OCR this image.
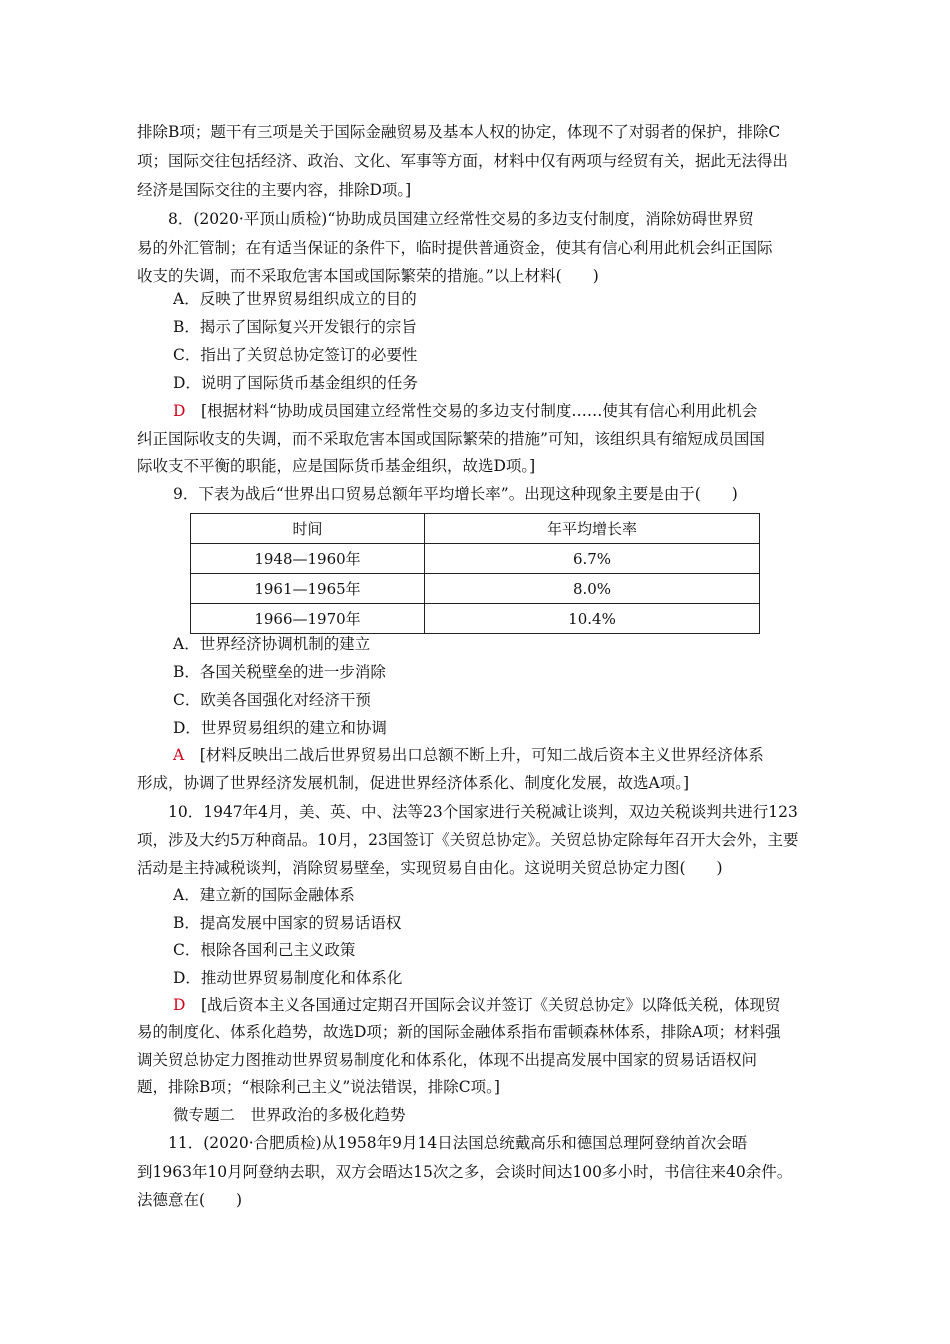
排除B项；题干有三项是关于国际金融贸易及基本人权的协定，体现不了对弱者的保护，排除C
项；国际交往包括经济、政治、文化、军事等方面，材料中仅有两项与经贸有关，据此无法得出
经济是国际交往的主要内容，排除D项。]
8．(2020·平顶山质检)“协助成员国建立经常性交易的多边支付制度，消除妨碍世界贸
易的外汇管制；在有适当保证的条件下，临时提供普通资金，使其有信心利用此机会纠正国际
收支的失调，而不采取危害本国或国际繁荣的措施。”以上材料(　　)
A．反映了世界贸易组织成立的目的
B．揭示了国际复兴开发银行的宗旨
C．指出了关贸总协定签订的必要性
D．说明了国际货币基金组织的任务
D　[根据材料“协助成员国建立经常性交易的多边支付制度……使其有信心利用此机会
纠正国际收支的失调，而不采取危害本国或国际繁荣的措施”可知，该组织具有缩短成员国国
际收支不平衡的职能，应是国际货币基金组织，故选D项。]
9．下表为战后“世界出口贸易总额年平均增长率”。出现这种现象主要是由于(　　)
时间	年平均增长率
1948—1960年	6.7%
1961—1965年	8.0%
1966—1970年	10.4%
A．世界经济协调机制的建立
B．各国关税壁垒的进一步消除
C．欧美各国强化对经济干预
D．世界贸易组织的建立和协调
A　[材料反映出二战后世界贸易出口总额不断上升，可知二战后资本主义世界经济体系
形成，协调了世界经济发展机制，促进世界经济体系化、制度化发展，故选A项。]
10．1947年4月，美、英、中、法等23个国家进行关税减让谈判，双边关税谈判共进行123
项，涉及大约5万种商品。10月，23国签订《关贸总协定》。关贸总协定除每年召开大会外，主要
活动是主持减税谈判，消除贸易壁垒，实现贸易自由化。这说明关贸总协定力图(　　)
A．建立新的国际金融体系
B．提高发展中国家的贸易话语权
C．根除各国利己主义政策
D．推动世界贸易制度化和体系化
D　[战后资本主义各国通过定期召开国际会议并签订《关贸总协定》以降低关税，体现贸
易的制度化、体系化趋势，故选D项；新的国际金融体系指布雷顿森林体系，排除A项；材料强
调关贸总协定力图推动世界贸易制度化和体系化，体现不出提高发展中国家的贸易话语权问
题，排除B项；“根除利己主义”说法错误，排除C项。]
微专题二　世界政治的多极化趋势
11．(2020·合肥质检)从1958年9月14日法国总统戴高乐和德国总理阿登纳首次会晤
到1963年10月阿登纳去职，双方会晤达15次之多，会谈时间达100多小时，书信往来40余件。
法德意在(　　)
